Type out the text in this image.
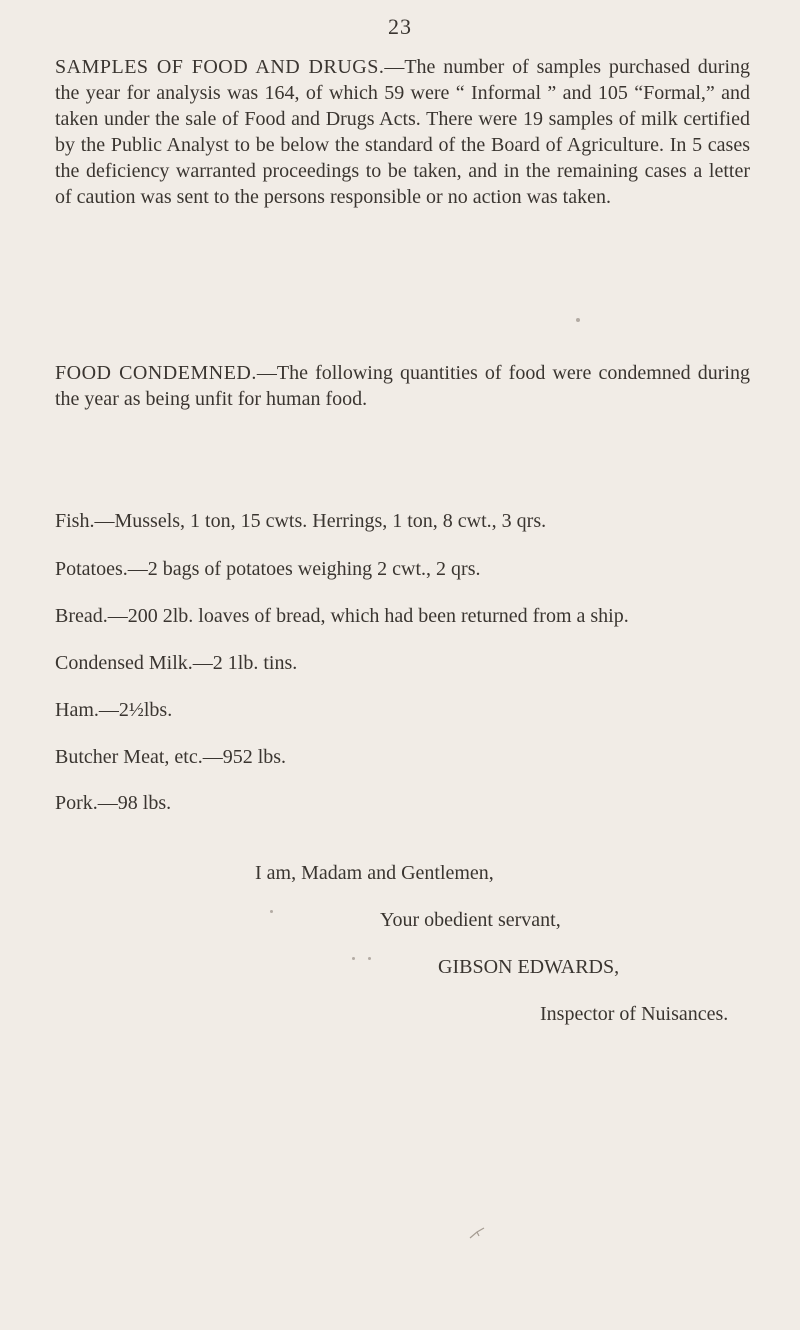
23

SAMPLES OF FOOD AND DRUGS.—The number of samples purchased during the year for analysis was 164, of which 59 were “ Informal ” and 105 “Formal,” and taken under the sale of Food and Drugs Acts. There were 19 samples of milk certified by the Public Analyst to be below the standard of the Board of Agriculture. In 5 cases the deficiency warranted proceedings to be taken, and in the remaining cases a letter of caution was sent to the persons responsible or no action was taken.

FOOD CONDEMNED.—The following quantities of food were condemned during the year as being unfit for human food.

Fish.—Mussels, 1 ton, 15 cwts. Herrings, 1 ton, 8 cwt., 3 qrs.
Potatoes.—2 bags of potatoes weighing 2 cwt., 2 qrs.
Bread.—200 2lb. loaves of bread, which had been returned from a ship.
Condensed Milk.—2 1lb. tins.
Ham.—2½lbs.
Butcher Meat, etc.—952 lbs.
Pork.—98 lbs.
I am, Madam and Gentlemen,
Your obedient servant,
GIBSON EDWARDS,
Inspector of Nuisances.
